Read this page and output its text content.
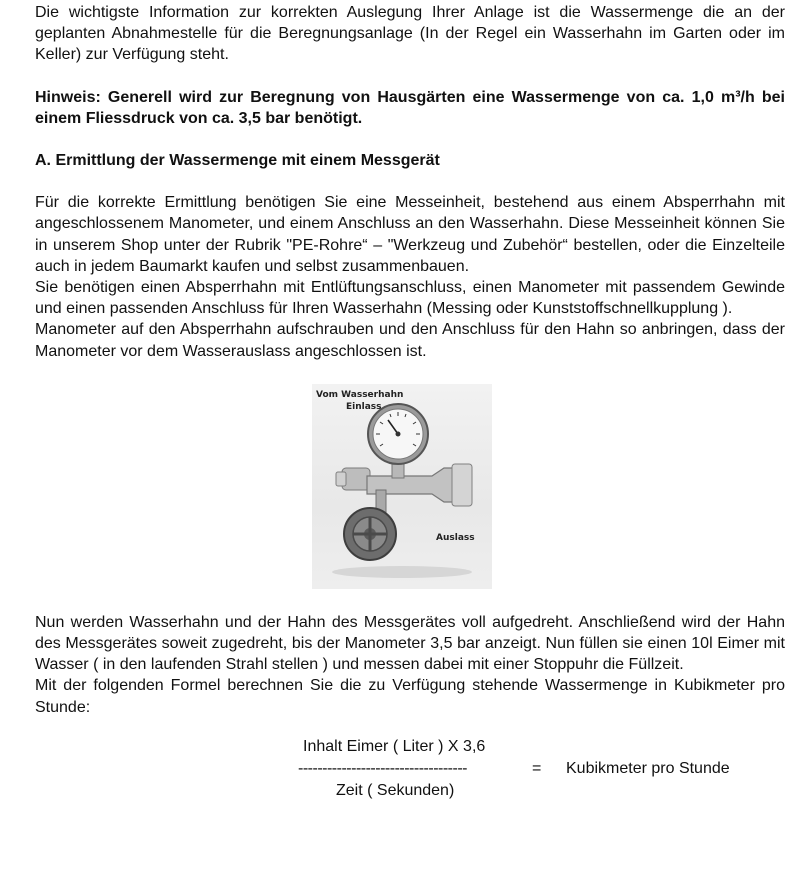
Die wichtigste Information zur korrekten Auslegung Ihrer Anlage ist die Wassermenge die an der geplanten Abnahmestelle für die Beregnungsanlage (In der Regel ein Wasserhahn im Garten oder im Keller) zur Verfügung steht.

Hinweis: Generell wird zur Beregnung von Hausgärten eine Wassermenge von ca. 1,0 m³/h bei einem Fliessdruck von ca. 3,5 bar benötigt.

A. Ermittlung der Wassermenge mit einem Messgerät

Für die korrekte Ermittlung benötigen Sie eine Messeinheit, bestehend aus einem Absperrhahn mit angeschlossenem Manometer, und einem Anschluss an den Wasserhahn. Diese Messeinheit können Sie in unserem Shop unter der Rubrik "PE-Rohre“ – "Werkzeug und Zubehör“ bestellen, oder die Einzelteile auch in jedem Baumarkt kaufen und selbst zusammenbauen.

Sie benötigen einen Absperrhahn mit Entlüftungsanschluss, einen Manometer mit passendem Gewinde und einen passenden Anschluss für Ihren Wasserhahn (Messing oder Kunststoffschnellkupplung ).

Manometer auf den Absperrhahn aufschrauben und den Anschluss für den Hahn so anbringen, dass der Manometer vor dem Wasserauslass angeschlossen ist.

Vom Wasserhahn
Einlass
Auslass

Nun werden Wasserhahn und der Hahn des Messgerätes voll aufgedreht. Anschließend wird der Hahn des Messgerätes soweit zugedreht, bis der Manometer 3,5 bar anzeigt. Nun füllen sie einen 10l Eimer mit Wasser ( in den laufenden Strahl stellen ) und messen dabei mit einer Stoppuhr die Füllzeit.

Mit der folgenden Formel berechnen Sie die zu Verfügung stehende Wassermenge in Kubikmeter pro Stunde:

Inhalt Eimer ( Liter ) X 3,6
-----------------------------------	= Kubikmeter pro Stunde
Zeit ( Sekunden)
